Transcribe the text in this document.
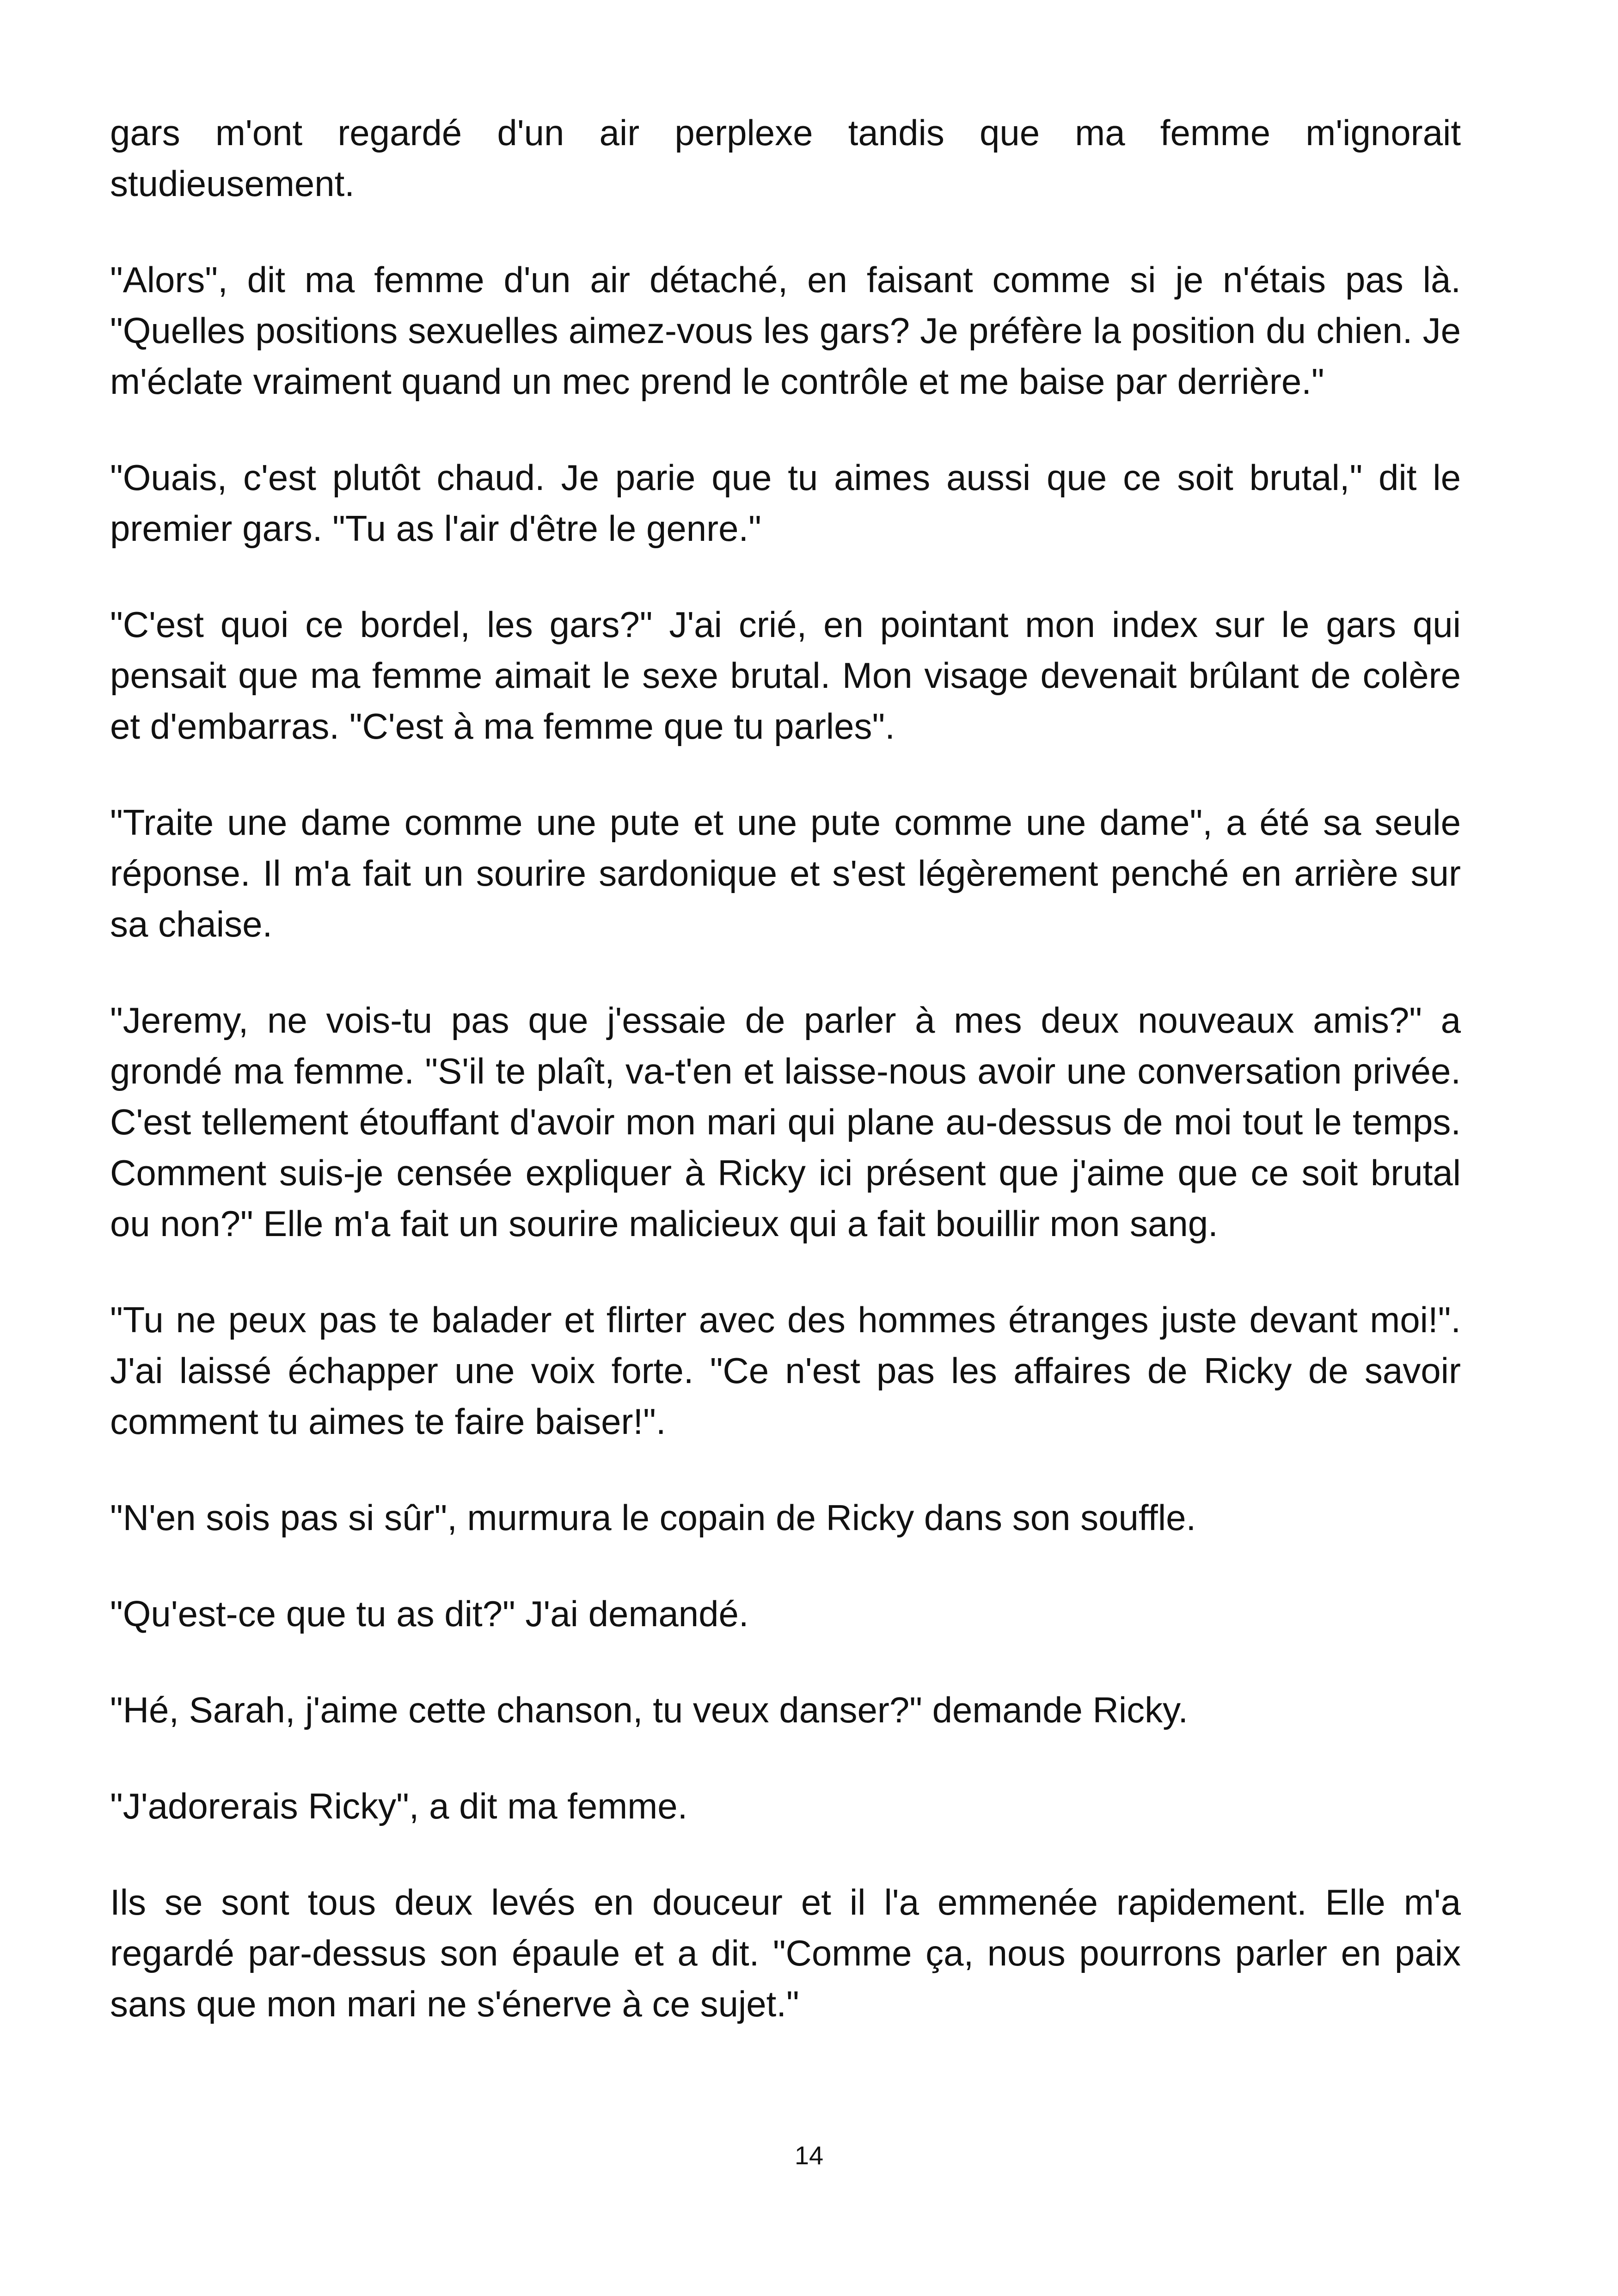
gars m'ont regardé d'un air perplexe tandis que ma femme m'ignorait studieusement.

"Alors", dit ma femme d'un air détaché, en faisant comme si je n'étais pas là. "Quelles positions sexuelles aimez-vous les gars? Je préfère la position du chien. Je m'éclate vraiment quand un mec prend le contrôle et me baise par derrière."

"Ouais, c'est plutôt chaud. Je parie que tu aimes aussi que ce soit brutal," dit le premier gars. "Tu as l'air d'être le genre."

"C'est quoi ce bordel, les gars?" J'ai crié, en pointant mon index sur le gars qui pensait que ma femme aimait le sexe brutal. Mon visage devenait brûlant de colère et d'embarras. "C'est à ma femme que tu parles".

"Traite une dame comme une pute et une pute comme une dame", a été sa seule réponse. Il m'a fait un sourire sardonique et s'est légèrement penché en arrière sur sa chaise.

"Jeremy, ne vois-tu pas que j'essaie de parler à mes deux nouveaux amis?" a grondé ma femme. "S'il te plaît, va-t'en et laisse-nous avoir une conversation privée. C'est tellement étouffant d'avoir mon mari qui plane au-dessus de moi tout le temps. Comment suis-je censée expliquer à Ricky ici présent que j'aime que ce soit brutal ou non?" Elle m'a fait un sourire malicieux qui a fait bouillir mon sang.

"Tu ne peux pas te balader et flirter avec des hommes étranges juste devant moi!". J'ai laissé échapper une voix forte. "Ce n'est pas les affaires de Ricky de savoir comment tu aimes te faire baiser!".

"N'en sois pas si sûr", murmura le copain de Ricky dans son souffle.

"Qu'est-ce que tu as dit?" J'ai demandé.

"Hé, Sarah, j'aime cette chanson, tu veux danser?" demande Ricky.

"J'adorerais Ricky", a dit ma femme.

Ils se sont tous deux levés en douceur et il l'a emmenée rapidement. Elle m'a regardé par-dessus son épaule et a dit. "Comme ça, nous pourrons parler en paix sans que mon mari ne s'énerve à ce sujet."

14
